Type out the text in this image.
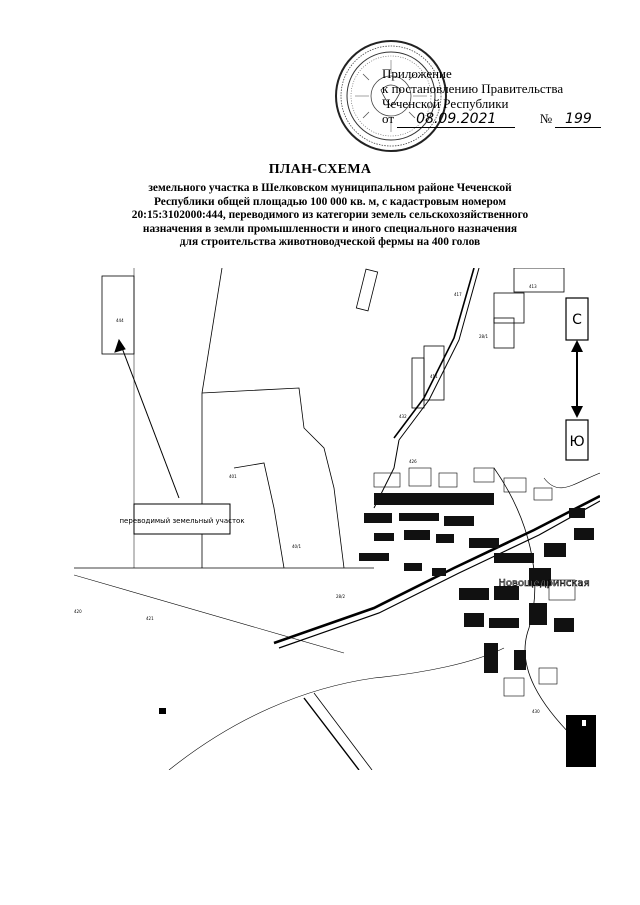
Приложение
к постановлению Правительства
Чеченской Республики
от 08.09.2021	№ 199
ПЛАН-СХЕМА
земельного участка в Шелковском муниципальном районе Чеченской
Республики общей площадью 100 000 кв. м, с кадастровым номером
20:15:3102000:444, переводимого из категории земель сельскохозяйственного
назначения в земли промышленности и иного специального назначения
для строительства животноводческой фермы на 400 голов
переводимый земельный участок
Новощедринская
444
417
413
28/1
411
432
426
401
40/1
28/2
420
421
430
С
Ю
